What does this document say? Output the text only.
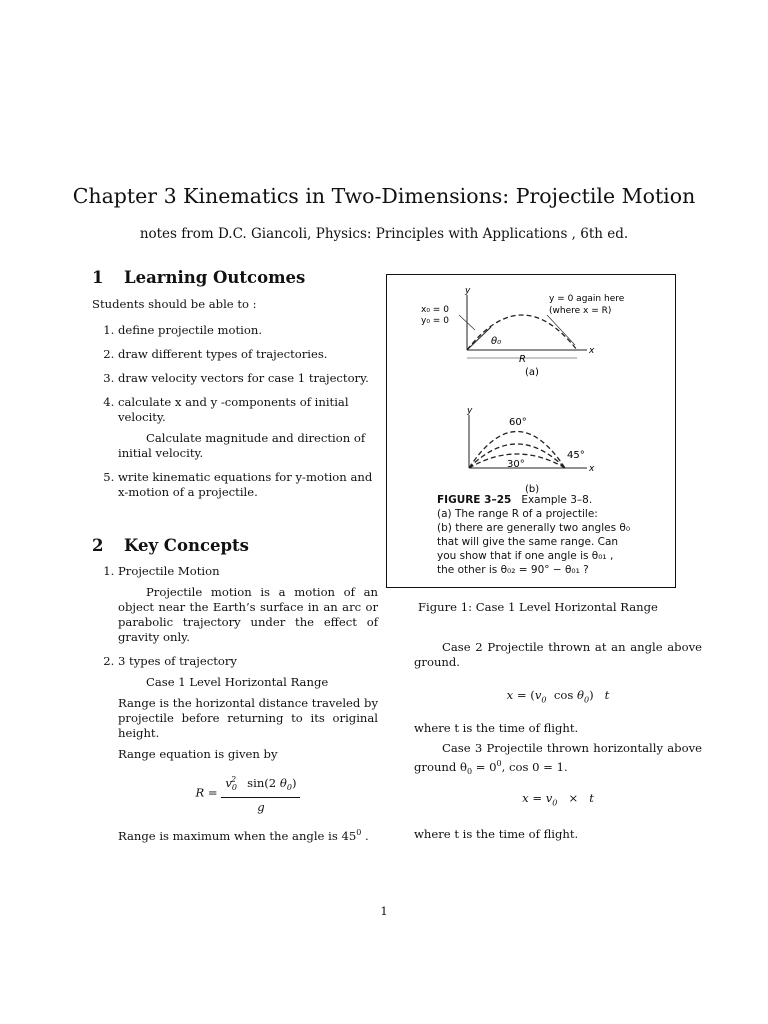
Chapter 3 Kinematics in Two-Dimensions: Projectile Motion
notes from D.C. Giancoli, Physics: Principles with Applications , 6th ed.
1 Learning Outcomes

Students should be able to :

1. define projectile motion.
2. draw different types of trajectories.
3. draw velocity vectors for case 1 trajectory.
4. calculate x and y -components of initial velocity.

Calculate magnitude and direction of initial velocity.

5. write kinematic equations for y-motion and x-motion of a projectile.
2 Key Concepts
1. Projectile Motion

Projectile motion is a motion of an object near the Earth’s surface in an arc or parabolic trajectory under the effect of gravity only.

2. 3 types of trajectory

Case 1 Level Horizontal Range

Range is the horizontal distance traveled by projectile before returning to its original height.

Range equation is given by

$R = \frac{v_0^2 \sin(2 \theta_0)}{g}$

Range is maximum when the angle is $45^0$ .

y
x
x₀ = 0
y₀ = 0
y = 0 again here
(where x = R)
θ₀
R
(a)
y
x
60°
45°
30°
(b)
FIGURE 3–25 Example 3–8.
(a) The range R of a projectile:
(b) there are generally two angles θ₀
that will give the same range. Can
you show that if one angle is θ₀₁ ,
the other is θ₀₂ = 90° − θ₀₁ ?
Figure 1: Case 1 Level Horizontal Range

Case 2 Projectile thrown at an angle above ground.

$x = (v_0$ $\cos \theta_0$)   t

where t is the time of flight.

Case 3 Projectile thrown horizontally above ground $\theta_0 = 0^0$, cos 0 = 1.

$x = v_0 \times t$

where t is the time of flight.

1
